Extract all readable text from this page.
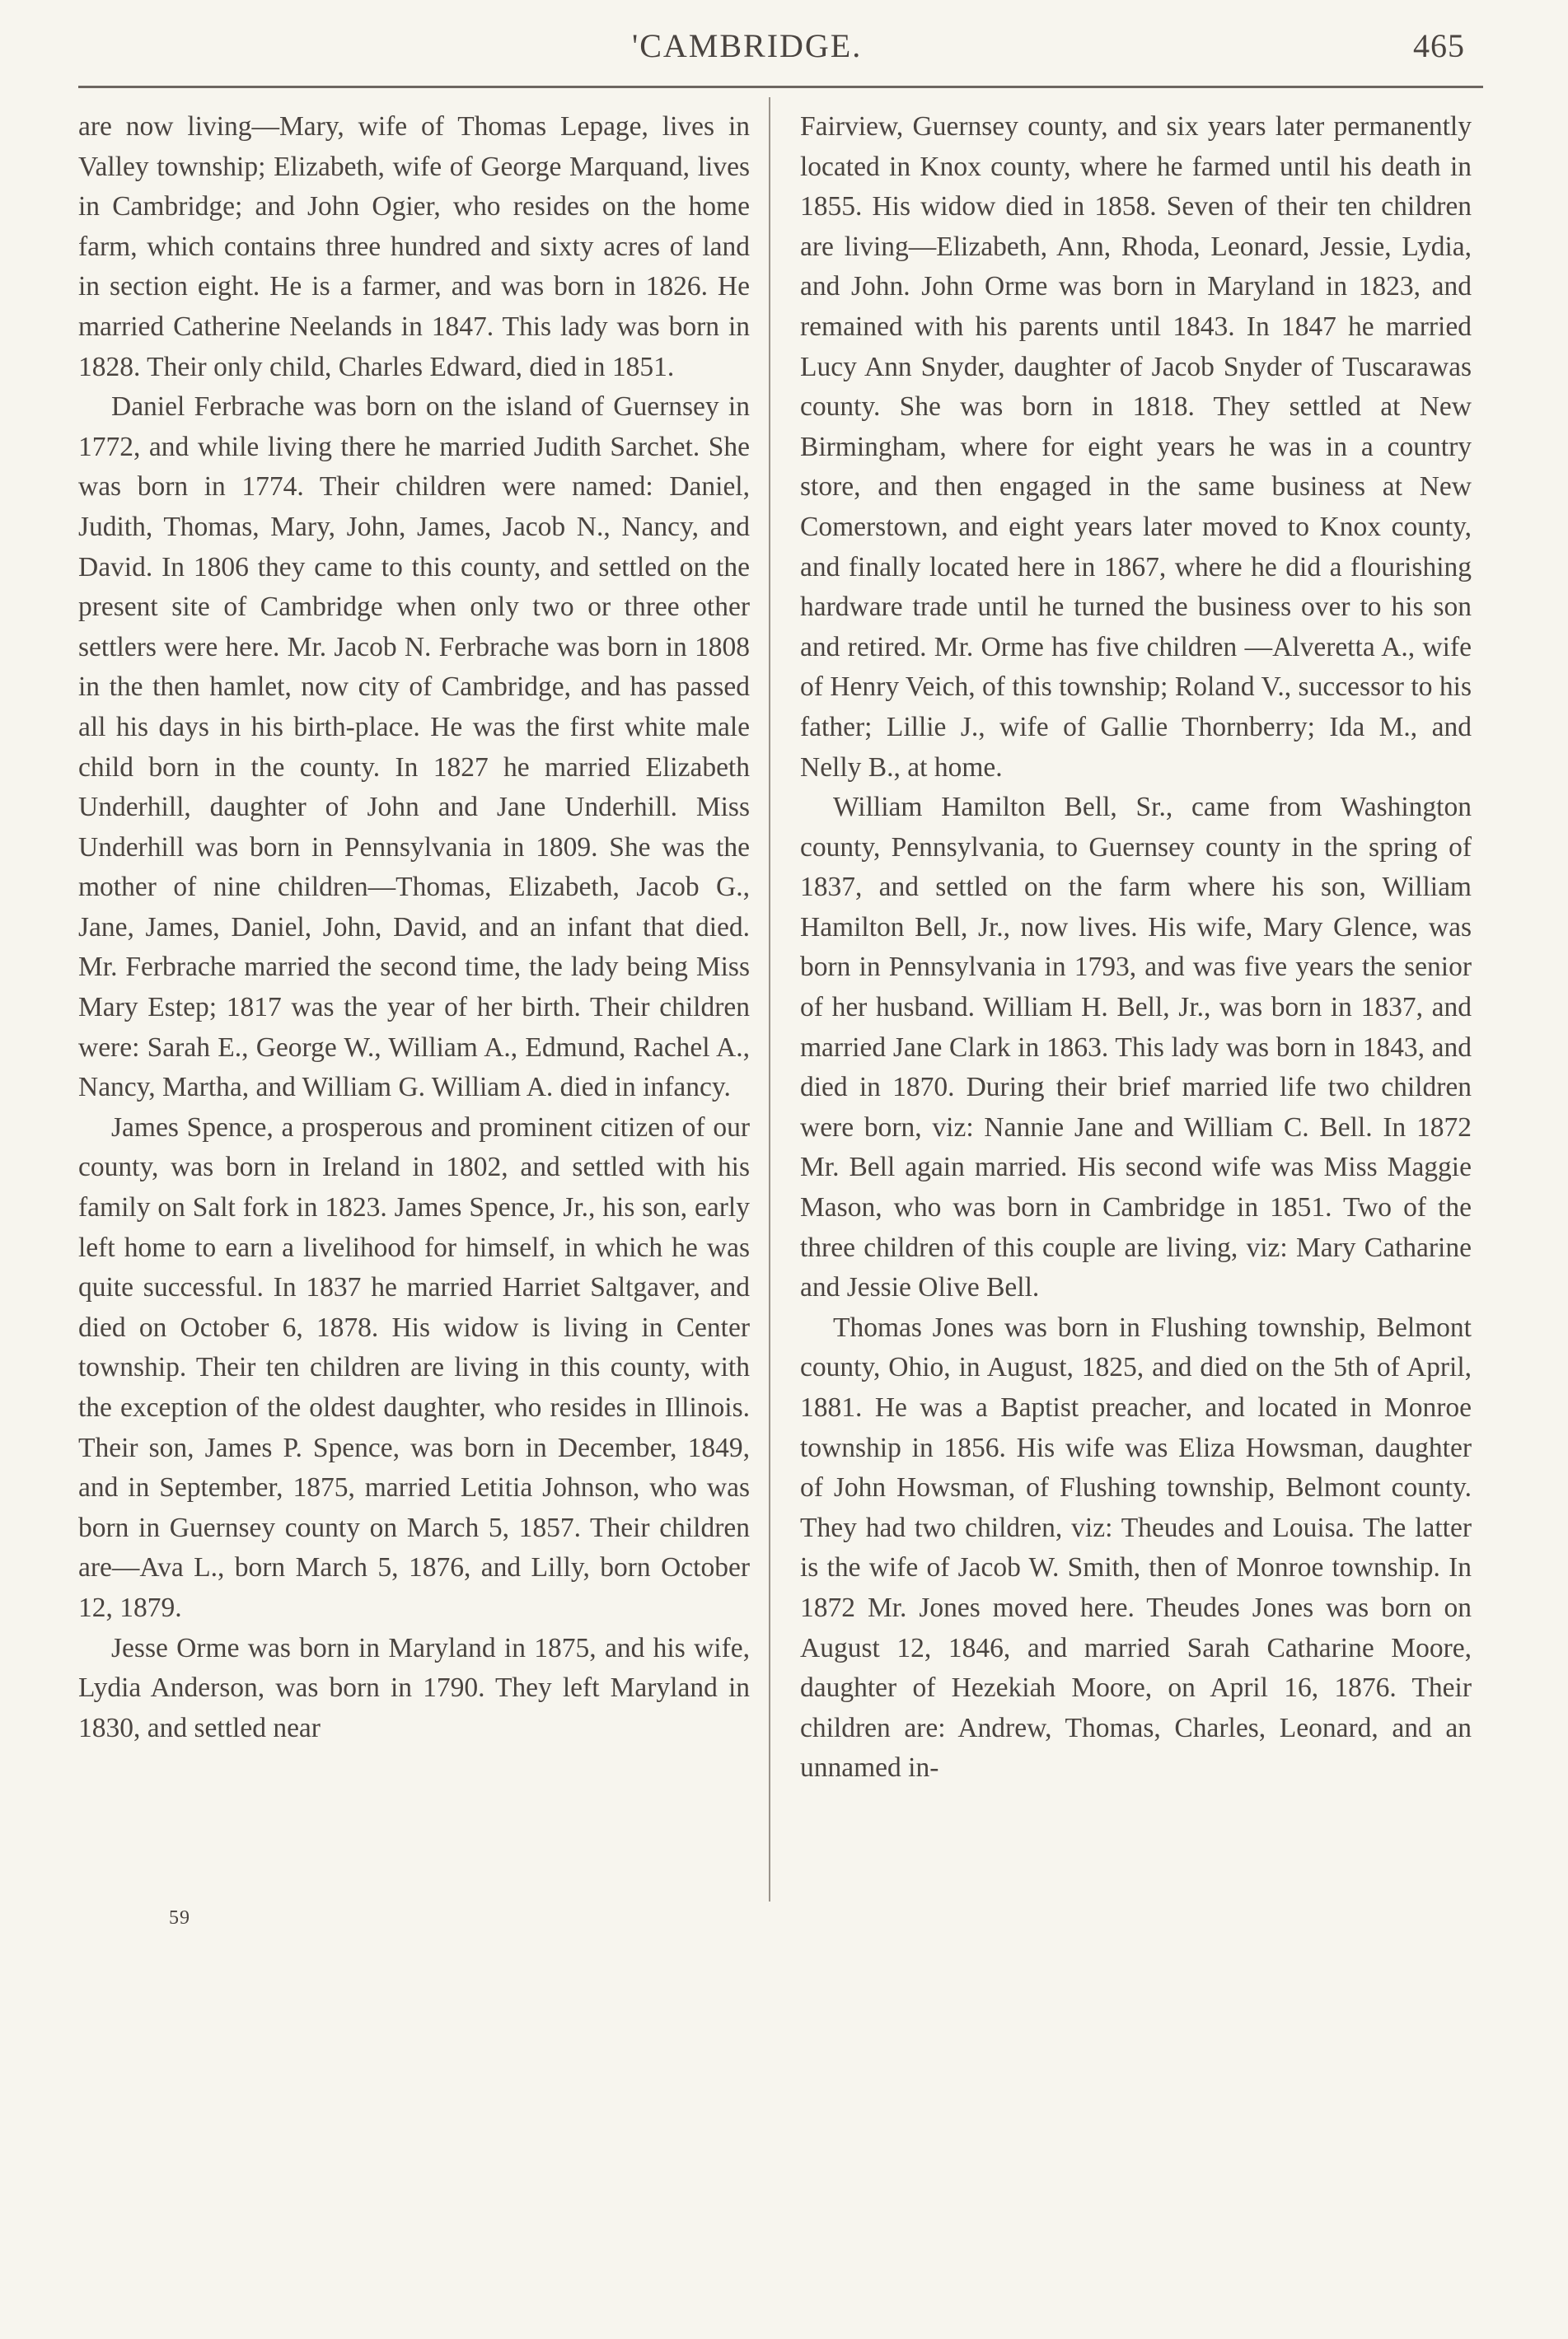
'CAMBRIDGE.	465

are now living—Mary, wife of Thomas Lepage, lives in Valley township; Elizabeth, wife of George Marquand, lives in Cambridge; and John Ogier, who resides on the home farm, which contains three hundred and sixty acres of land in section eight. He is a farmer, and was born in 1826. He married Catherine Neelands in 1847. This lady was born in 1828. Their only child, Charles Edward, died in 1851.

Daniel Ferbrache was born on the island of Guernsey in 1772, and while living there he married Judith Sarchet. She was born in 1774. Their children were named: Daniel, Judith, Thomas, Mary, John, James, Jacob N., Nancy, and David. In 1806 they came to this county, and settled on the present site of Cambridge when only two or three other settlers were here. Mr. Jacob N. Ferbrache was born in 1808 in the then hamlet, now city of Cambridge, and has passed all his days in his birth-place. He was the first white male child born in the county. In 1827 he married Elizabeth Underhill, daughter of John and Jane Underhill. Miss Underhill was born in Pennsylvania in 1809. She was the mother of nine children—Thomas, Elizabeth, Jacob G., Jane, James, Daniel, John, David, and an infant that died. Mr. Ferbrache married the second time, the lady being Miss Mary Estep; 1817 was the year of her birth. Their children were: Sarah E., George W., William A., Edmund, Rachel A., Nancy, Martha, and William G. William A. died in infancy.

James Spence, a prosperous and prominent citizen of our county, was born in Ireland in 1802, and settled with his family on Salt fork in 1823. James Spence, Jr., his son, early left home to earn a livelihood for himself, in which he was quite successful. In 1837 he married Harriet Saltgaver, and died on October 6, 1878. His widow is living in Center township. Their ten children are living in this county, with the exception of the oldest daughter, who resides in Illinois. Their son, James P. Spence, was born in December, 1849, and in September, 1875, married Letitia Johnson, who was born in Guernsey county on March 5, 1857. Their children are—Ava L., born March 5, 1876, and Lilly, born October 12, 1879.

Jesse Orme was born in Maryland in 1875, and his wife, Lydia Anderson, was born in 1790. They left Maryland in 1830, and settled near

Fairview, Guernsey county, and six years later permanently located in Knox county, where he farmed until his death in 1855. His widow died in 1858. Seven of their ten children are living—Elizabeth, Ann, Rhoda, Leonard, Jessie, Lydia, and John. John Orme was born in Maryland in 1823, and remained with his parents until 1843. In 1847 he married Lucy Ann Snyder, daughter of Jacob Snyder of Tuscarawas county. She was born in 1818. They settled at New Birmingham, where for eight years he was in a country store, and then engaged in the same business at New Comerstown, and eight years later moved to Knox county, and finally located here in 1867, where he did a flourishing hardware trade until he turned the business over to his son and retired. Mr. Orme has five children —Alveretta A., wife of Henry Veich, of this township; Roland V., successor to his father; Lillie J., wife of Gallie Thornberry; Ida M., and Nelly B., at home.

William Hamilton Bell, Sr., came from Washington county, Pennsylvania, to Guernsey county in the spring of 1837, and settled on the farm where his son, William Hamilton Bell, Jr., now lives. His wife, Mary Glence, was born in Pennsylvania in 1793, and was five years the senior of her husband. William H. Bell, Jr., was born in 1837, and married Jane Clark in 1863. This lady was born in 1843, and died in 1870. During their brief married life two children were born, viz: Nannie Jane and William C. Bell. In 1872 Mr. Bell again married. His second wife was Miss Maggie Mason, who was born in Cambridge in 1851. Two of the three children of this couple are living, viz: Mary Catharine and Jessie Olive Bell.

Thomas Jones was born in Flushing township, Belmont county, Ohio, in August, 1825, and died on the 5th of April, 1881. He was a Baptist preacher, and located in Monroe township in 1856. His wife was Eliza Howsman, daughter of John Howsman, of Flushing township, Belmont county. They had two children, viz: Theudes and Louisa. The latter is the wife of Jacob W. Smith, then of Monroe township. In 1872 Mr. Jones moved here. Theudes Jones was born on August 12, 1846, and married Sarah Catharine Moore, daughter of Hezekiah Moore, on April 16, 1876. Their children are: Andrew, Thomas, Charles, Leonard, and an unnamed in-

59
